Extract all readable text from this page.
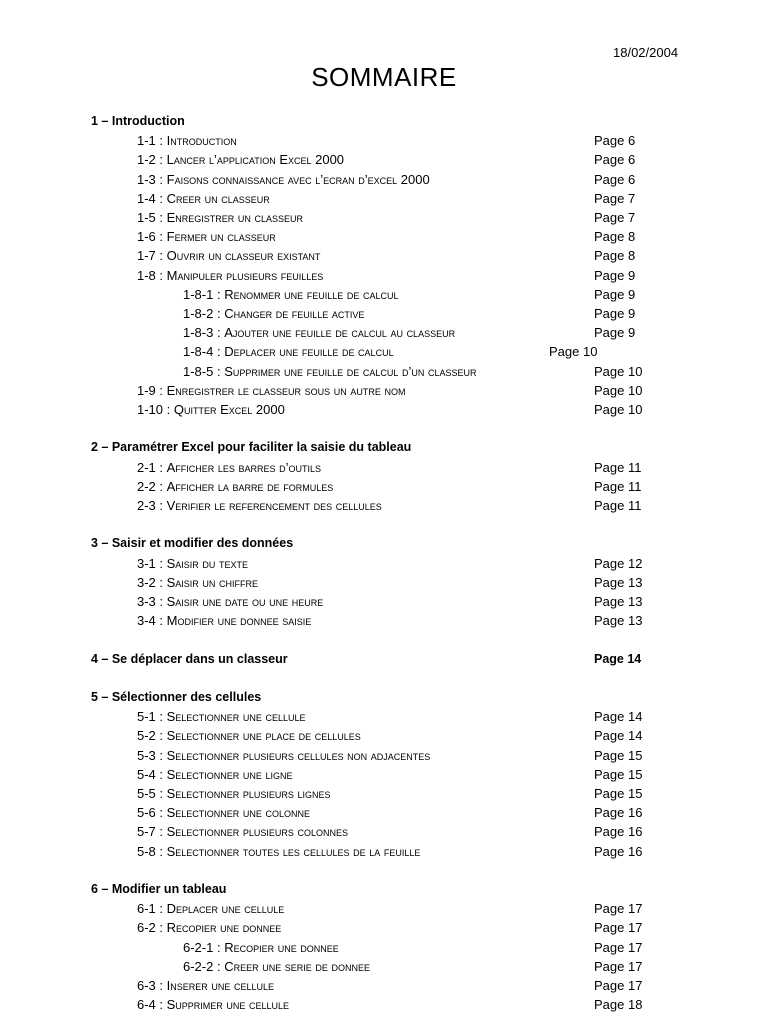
18/02/2004
SOMMAIRE
1 – Introduction
1-1 : Introduction	Page 6
1-2 : Lancer l’application Excel 2000	Page 6
1-3 : Faisons connaissance avec l’ecran d’excel 2000	Page 6
1-4 : Creer un classeur	Page 7
1-5 : Enregistrer un classeur	Page 7
1-6 : Fermer un classeur	Page 8
1-7 : Ouvrir un classeur existant	Page 8
1-8 : Manipuler plusieurs feuilles	Page 9
1-8-1 : Renommer une feuille de calcul	Page 9
1-8-2 : Changer de feuille active	Page 9
1-8-3 : Ajouter une feuille de calcul au classeur	Page 9
1-8-4 : Deplacer une feuille de calcul	Page 10
1-8-5 : Supprimer une feuille de calcul d’un classeur	Page 10
1-9 : Enregistrer le classeur sous un autre nom	Page 10
1-10 : Quitter Excel 2000	Page 10
2 – Paramétrer Excel pour faciliter la saisie du tableau
2-1 : Afficher les barres d’outils	Page 11
2-2 : Afficher la barre de formules	Page 11
2-3 : Verifier le referencement des cellules	Page 11
3 – Saisir et modifier des données
3-1 : Saisir du texte	Page 12
3-2 : Saisir un chiffre	Page 13
3-3 : Saisir une date ou une heure	Page 13
3-4 : Modifier une donnee saisie	Page 13
4 – Se déplacer dans un classeur	Page 14
5 – Sélectionner des cellules
5-1 : Selectionner une cellule	Page 14
5-2 : Selectionner une place de cellules	Page 14
5-3 : Selectionner plusieurs cellules non adjacentes	Page 15
5-4 : Selectionner une ligne	Page 15
5-5 : Selectionner plusieurs lignes	Page 15
5-6 : Selectionner une colonne	Page 16
5-7 : Selectionner plusieurs colonnes	Page 16
5-8 : Selectionner toutes les cellules de la feuille	Page 16
6 – Modifier un tableau
6-1 : Deplacer une cellule	Page 17
6-2 : Recopier une donnee	Page 17
6-2-1 : Recopier une donnee	Page 17
6-2-2 : Creer une serie de donnee	Page 17
6-3 : Inserer une cellule	Page 17
6-4 : Supprimer une cellule	Page 18
